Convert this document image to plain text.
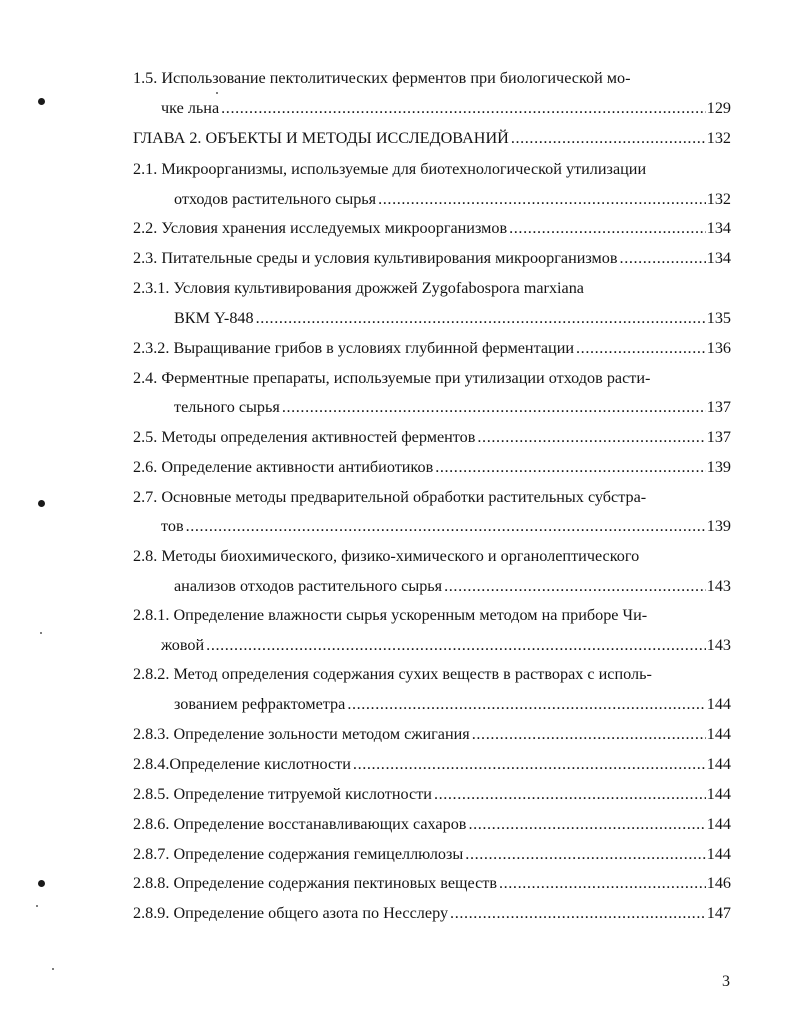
1.5. Использование пектолитических ферментов при биологической мо-
чке льна .....	129
ГЛАВА 2. ОБЪЕКТЫ И МЕТОДЫ ИССЛЕДОВАНИЙ .....	132
2.1. Микроорганизмы, используемые для биотехнологической утилизации
отходов растительного сырья .....	132
2.2. Условия хранения исследуемых микроорганизмов .....	134
2.3. Питательные среды и условия культивирования микроорганизмов .....	134
2.3.1. Условия культивирования дрожжей Zygofabospora marxiana
ВКМ Y-848 .....	135
2.3.2. Выращивание грибов в условиях глубинной ферментации .....	136
2.4. Ферментные препараты, используемые при утилизации отходов расти-
тельного сырья .....	137
2.5. Методы определения активностей ферментов .....	137
2.6. Определение активности антибиотиков .....	139
2.7. Основные методы предварительной обработки растительных субстра-
тов .....	139
2.8. Методы биохимического, физико-химического и органолептического
анализов отходов растительного сырья .....	143
2.8.1. Определение влажности сырья ускоренным методом на приборе Чи-
жовой .....	143
2.8.2. Метод определения содержания сухих веществ в растворах с исполь-
зованием рефрактометра .....	144
2.8.3. Определение зольности методом сжигания .....	144
2.8.4.Определение кислотности .....	144
2.8.5. Определение титруемой кислотности .....	144
2.8.6. Определение восстанавливающих сахаров .....	144
2.8.7. Определение содержания гемицеллюлозы .....	144
2.8.8. Определение содержания пектиновых веществ .....	146
2.8.9. Определение общего азота по Несслеру .....	147
3
